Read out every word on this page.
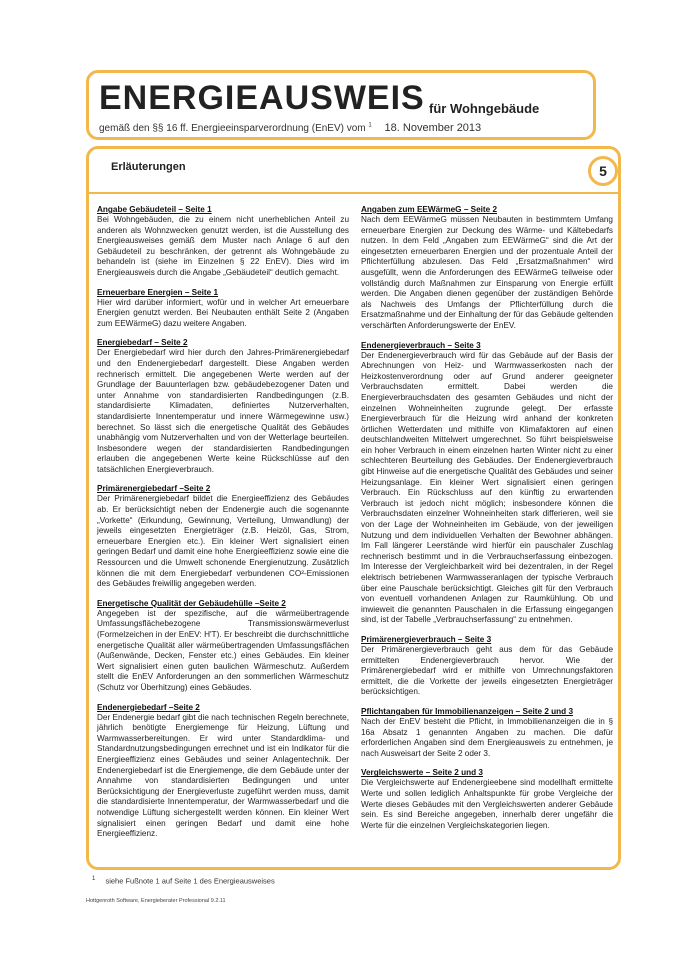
ENERGIEAUSWEIS für Wohngebäude
gemäß den §§ 16 ff. Energieeinsparverordnung (EnEV) vom $^1$ 18. November 2013
Erläuterungen	5
Angabe Gebäudeteil – Seite 1

Bei Wohngebäuden, die zu einem nicht unerheblichen Anteil zu anderen als Wohnzwecken genutzt werden, ist die Ausstellung des Energieausweises gemäß dem Muster nach Anlage 6 auf den Gebäudeteil zu beschränken, der getrennt als Wohngebäude zu behandeln ist (siehe im Einzelnen § 22 EnEV). Dies wird im Energieausweis durch die Angabe „Gebäudeteil“ deutlich gemacht.

Erneuerbare Energien – Seite 1

Hier wird darüber informiert, wofür und in welcher Art erneuerbare Energien genutzt werden. Bei Neubauten enthält Seite 2 (Angaben zum EEWärmeG) dazu weitere Angaben.

Energiebedarf – Seite 2

Der Energiebedarf wird hier durch den Jahres-Primärenergiebedarf und den Endenergiebedarf dargestellt. Diese Angaben werden rechnerisch ermittelt. Die angegebenen Werte werden auf der Grundlage der Bauunterlagen bzw. gebäudebezogener Daten und unter Annahme von standardisierten Randbedingungen (z.B. standardisierte Klimadaten, definiertes Nutzerverhalten, standardisierte Innentemperatur und innere Wärmegewinne usw.) berechnet. So lässt sich die energetische Qualität des Gebäudes unabhängig vom Nutzerverhalten und von der Wetterlage beurteilen. Insbesondere wegen der standardisierten Randbedingungen erlauben die angegebenen Werte keine Rückschlüsse auf den tatsächlichen Energieverbrauch.

Primärenergiebedarf –Seite 2

Der Primärenergiebedarf bildet die Energieeffizienz des Gebäudes ab. Er berücksichtigt neben der Endenergie auch die sogenannte „Vorkette“ (Erkundung, Gewinnung, Verteilung, Umwandlung) der jeweils eingesetzten Energieträger (z.B. Heizöl, Gas, Strom, erneuerbare Energien etc.). Ein kleiner Wert signalisiert einen geringen Bedarf und damit eine hohe Energieeffizienz sowie eine die Ressourcen und die Umwelt schonende Energienutzung. Zusätzlich können die mit dem Energiebedarf verbundenen CO²-Emissionen des Gebäudes freiwillig angegeben werden.

Energetische Qualität der Gebäudehülle –Seite 2

Angegeben ist der spezifische, auf die wärmeübertragende Umfassungsflächebezogene Transmissionswärmeverlust (Formelzeichen in der EnEV: H'T). Er beschreibt die durchschnittliche energetische Qualität aller wärmeübertragenden Umfassungsflächen (Außenwände, Decken, Fenster etc.) eines Gebäudes. Ein kleiner Wert signalisiert einen guten baulichen Wärmeschutz. Außerdem stellt die EnEV Anforderungen an den sommerlichen Wärmeschutz (Schutz vor Überhitzung) eines Gebäudes.

Endenergiebedarf –Seite 2

Der Endenergie bedarf gibt die nach technischen Regeln berechnete, jährlich benötigte Energiemenge für Heizung, Lüftung und Warmwasserbereitungen. Er wird unter Standardklima- und Standardnutzungsbedingungen errechnet und ist ein Indikator für die Energieeffizienz eines Gebäudes und seiner Anlagentechnik. Der Endenergiebedarf ist die Energiemenge, die dem Gebäude unter der Annahme von standardisierten Bedingungen und unter Berücksichtigung der Energieverluste zugeführt werden muss, damit die standardisierte Innentemperatur, der Warmwasserbedarf und die notwendige Lüftung sichergestellt werden können. Ein kleiner Wert signalisiert einen geringen Bedarf und damit eine hohe Energieeffizienz.

Angaben zum EEWärmeG – Seite 2

Nach dem EEWärmeG müssen Neubauten in bestimmtem Umfang erneuerbare Energien zur Deckung des Wärme- und Kältebedarfs nutzen. In dem Feld „Angaben zum EEWärmeG“ sind die Art der eingesetzten erneuerbaren Energien und der prozentuale Anteil der Pflichterfüllung abzulesen. Das Feld „Ersatzmaßnahmen“ wird ausgefüllt, wenn die Anforderungen des EEWärmeG teilweise oder vollständig durch Maßnahmen zur Einsparung von Energie erfüllt werden. Die Angaben dienen gegenüber der zuständigen Behörde als Nachweis des Umfangs der Pflichterfüllung durch die Ersatzmaßnahme und der Einhaltung der für das Gebäude geltenden verschärften Anforderungswerte der EnEV.

Endenergieverbrauch – Seite 3

Der Endenergieverbrauch wird für das Gebäude auf der Basis der Abrechnungen von Heiz- und Warmwasserkosten nach der Heizkostenverordnung oder auf Grund anderer geeigneter Verbrauchsdaten ermittelt. Dabei werden die Energieverbrauchsdaten des gesamten Gebäudes und nicht der einzelnen Wohneinheiten zugrunde gelegt. Der erfasste Energieverbrauch für die Heizung wird anhand der konkreten örtlichen Wetterdaten und mithilfe von Klimafaktoren auf einen deutschlandweiten Mittelwert umgerechnet. So führt beispielsweise ein hoher Verbrauch in einem einzelnen harten Winter nicht zu einer schlechteren Beurteilung des Gebäudes. Der Endenergieverbrauch gibt Hinweise auf die energetische Qualität des Gebäudes und seiner Heizungsanlage. Ein kleiner Wert signalisiert einen geringen Verbrauch. Ein Rückschluss auf den künftig zu erwartenden Verbrauch ist jedoch nicht möglich; insbesondere können die Verbrauchsdaten einzelner Wohneinheiten stark differieren, weil sie von der Lage der Wohneinheiten im Gebäude, von der jeweiligen Nutzung und dem individuellen Verhalten der Bewohner abhängen. Im Fall längerer Leerstände wird hierfür ein pauschaler Zuschlag rechnerisch bestimmt und in die Verbrauchserfassung einbezogen. Im Interesse der Vergleichbarkeit wird bei dezentralen, in der Regel elektrisch betriebenen Warmwasseranlagen der typische Verbrauch über eine Pauschale berücksichtigt. Gleiches gilt für den Verbrauch von eventuell vorhandenen Anlagen zur Raumkühlung. Ob und inwieweit die genannten Pauschalen in die Erfassung eingegangen sind, ist der Tabelle „Verbrauchserfassung“ zu entnehmen.

Primärenergieverbrauch – Seite 3

Der Primärenergieverbrauch geht aus dem für das Gebäude ermittelten Endenergieverbrauch hervor. Wie der Primärenergiebedarf wird er mithilfe von Umrechnungsfaktoren ermittelt, die die Vorkette der jeweils eingesetzten Energieträger berücksichtigen.

Pflichtangaben für Immobilienanzeigen – Seite 2 und 3

Nach der EnEV besteht die Pflicht, in Immobilienanzeigen die in § 16a Absatz 1 genannten Angaben zu machen. Die dafür erforderlichen Angaben sind dem Energieausweis zu entnehmen, je nach Ausweisart der Seite 2 oder 3.

Vergleichswerte – Seite 2 und 3

Die Vergleichswerte auf Endenergieebene sind modellhaft ermittelte Werte und sollen lediglich Anhaltspunkte für grobe Vergleiche der Werte dieses Gebäudes mit den Vergleichswerten anderer Gebäude sein. Es sind Bereiche angegeben, innerhalb derer ungefähr die Werte für die einzelnen Vergleichskategorien liegen.

$^1$ siehe Fußnote 1 auf Seite 1 des Energieausweises
Hottgenroth Software, Energieberater Professional 9.2.11
